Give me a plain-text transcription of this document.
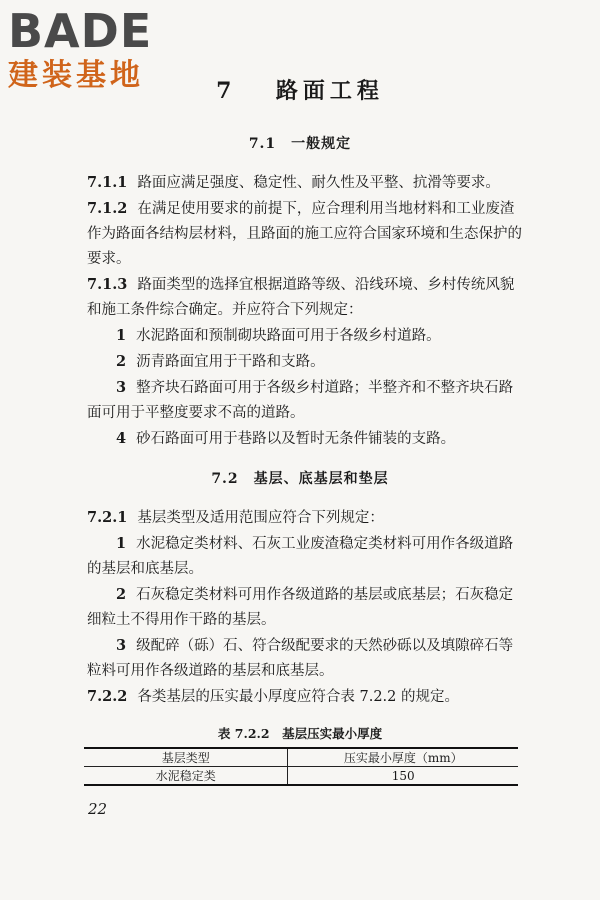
BADE
建装基地	7 路面工程
7.1　一般规定

7.1.1 路面应满足强度、稳定性、耐久性及平整、抗滑等要求。

7.1.2 在满足使用要求的前提下，应合理利用当地材料和工业废渣作为路面各结构层材料，且路面的施工应符合国家环境和生态保护的要求。

7.1.3 路面类型的选择宜根据道路等级、沿线环境、乡村传统风貌和施工条件综合确定。并应符合下列规定：

1 水泥路面和预制砌块路面可用于各级乡村道路。

2 沥青路面宜用于干路和支路。

3 整齐块石路面可用于各级乡村道路；半整齐和不整齐块石路面可用于平整度要求不高的道路。

4 砂石路面可用于巷路以及暂时无条件铺装的支路。

7.2　基层、底基层和垫层

7.2.1 基层类型及适用范围应符合下列规定：

1 水泥稳定类材料、石灰工业废渣稳定类材料可用作各级道路的基层和底基层。

2 石灰稳定类材料可用作各级道路的基层或底基层；石灰稳定细粒土不得用作干路的基层。

3 级配碎（砾）石、符合级配要求的天然砂砾以及填隙碎石等粒料可用作各级道路的基层和底基层。

7.2.2 各类基层的压实最小厚度应符合表 7.2.2 的规定。

表 7.2.2　基层压实最小厚度
基层类型	压实最小厚度（mm）
水泥稳定类	150
22
